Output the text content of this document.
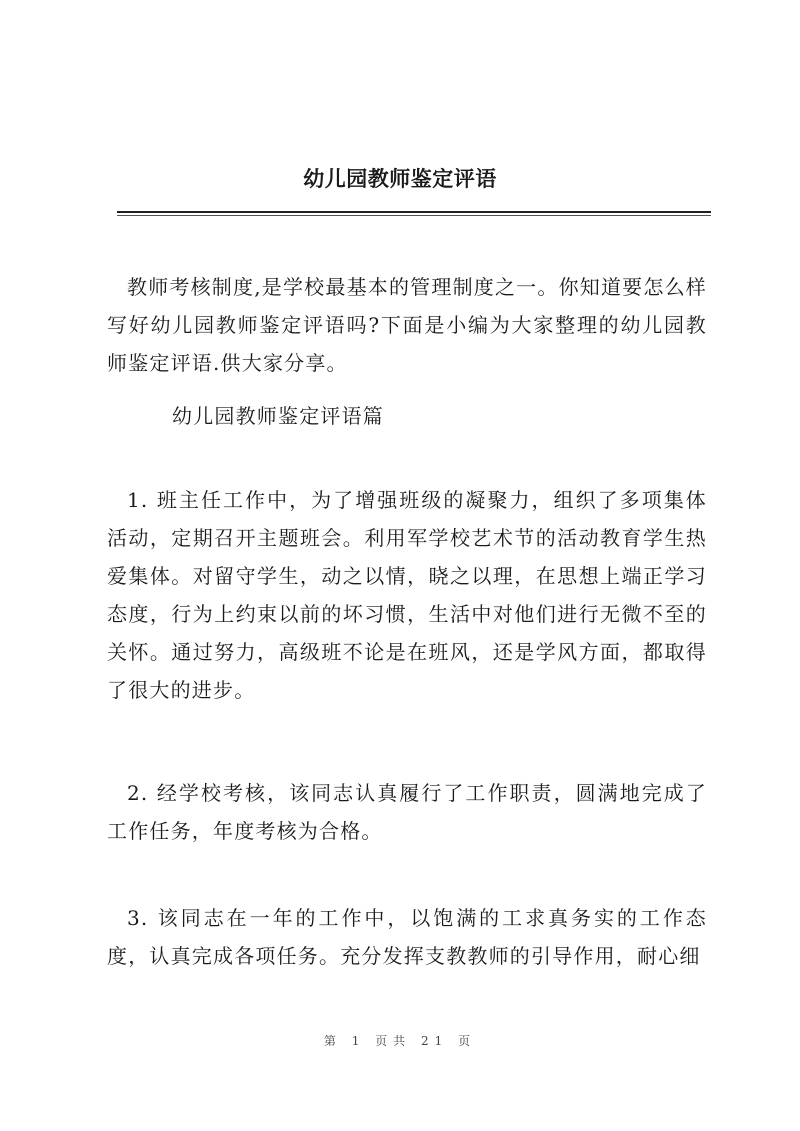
幼儿园教师鉴定评语

教师考核制度,是学校最基本的管理制度之一。你知道要怎么样写好幼儿园教师鉴定评语吗?下面是小编为大家整理的幼儿园教师鉴定评语.供大家分享。

幼儿园教师鉴定评语篇

1. 班主任工作中，为了增强班级的凝聚力，组织了多项集体活动，定期召开主题班会。利用军学校艺术节的活动教育学生热爱集体。对留守学生，动之以情，晓之以理，在思想上端正学习态度，行为上约束以前的坏习惯，生活中对他们进行无微不至的关怀。通过努力，高级班不论是在班风，还是学风方面，都取得了很大的进步。

2. 经学校考核，该同志认真履行了工作职责，圆满地完成了工作任务，年度考核为合格。

3. 该同志在一年的工作中，以饱满的工求真务实的工作态度，认真完成各项任务。充分发挥支教教师的引导作用，耐心细

第 1 页共 21 页
